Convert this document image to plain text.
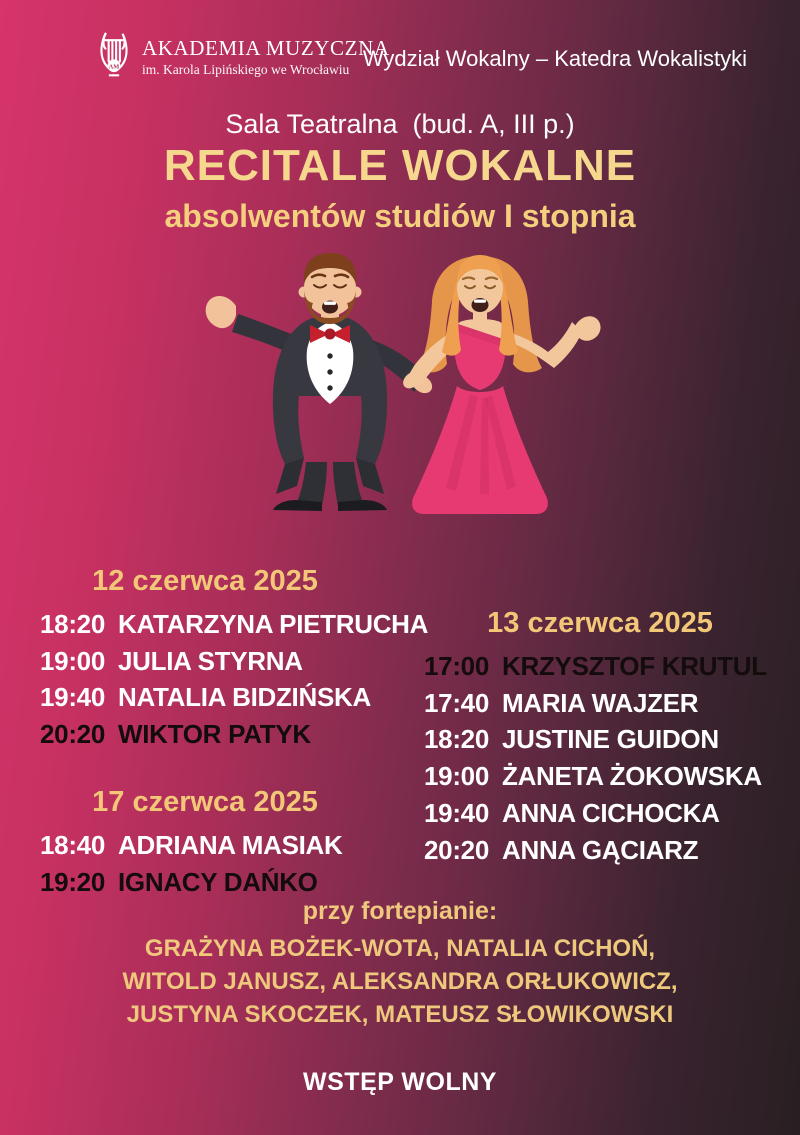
AM
AKADEMIA MUZYCZNA
im. Karola Lipińskiego we Wrocławiu Wydział Wokalny – Katedra Wokalistyki
Sala Teatralna  (bud. A, III p.)
RECITALE WOKALNE
absolwentów studiów I stopnia
12 czerwca 2025
18:20 KATARZYNA PIETRUCHA
19:00 JULIA STYRNA
19:40 NATALIA BIDZIŃSKA
20:20 WIKTOR PATYK
13 czerwca 2025
17:00 KRZYSZTOF KRUTUL
17:40 MARIA WAJZER
18:20 JUSTINE GUIDON
19:00 ŻANETA ŻOKOWSKA
19:40 ANNA CICHOCKA
20:20 ANNA GĄCIARZ
17 czerwca 2025
18:40 ADRIANA MASIAK
19:20 IGNACY DAŃKO
przy fortepianie:
GRAŻYNA BOŻEK-WOTA, NATALIA CICHOŃ,
WITOLD JANUSZ, ALEKSANDRA ORŁUKOWICZ,
JUSTYNA SKOCZEK, MATEUSZ SŁOWIKOWSKI
WSTĘP WOLNY
